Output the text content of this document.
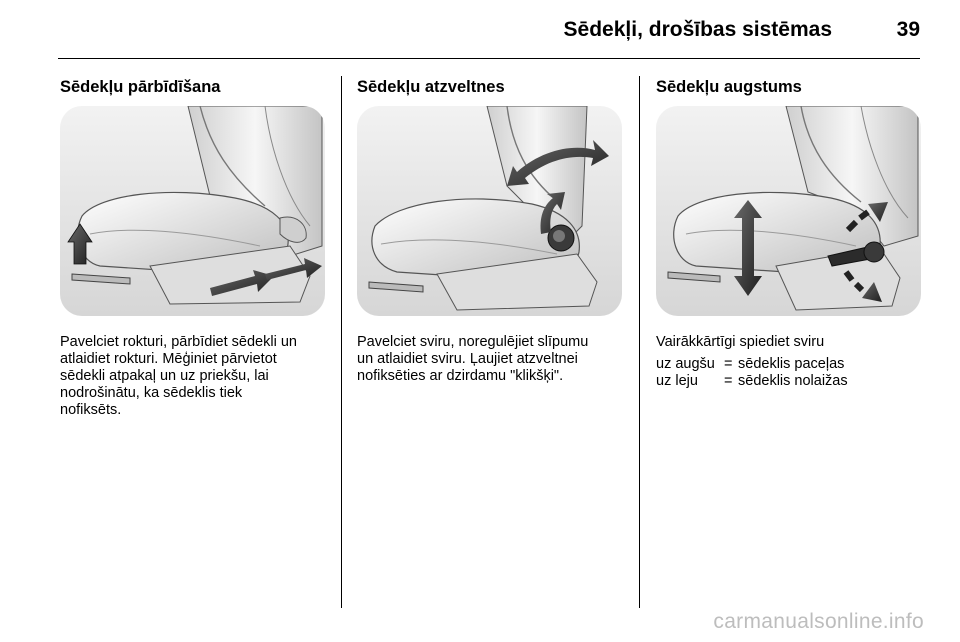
Sēdekļi, drošības sistēmas	39
Sēdekļu pārbīdīšana
Pavelciet rokturi, pārbīdiet sēdekli un
atlaidiet rokturi. Mēģiniet pārvietot
sēdekli atpakaļ un uz priekšu, lai
nodrošinātu, ka sēdeklis tiek
nofiksēts.
Sēdekļu atzveltnes
Pavelciet sviru, noregulējiet slīpumu
un atlaidiet sviru. Ļaujiet atzveltnei
nofiksēties ar dzirdamu "klikšķi".
Sēdekļu augstums
Vairākkārtīgi spiediet sviru
uz augšu = sēdeklis paceļas
uz leju	= sēdeklis nolaižas
carmanualsonline.info
